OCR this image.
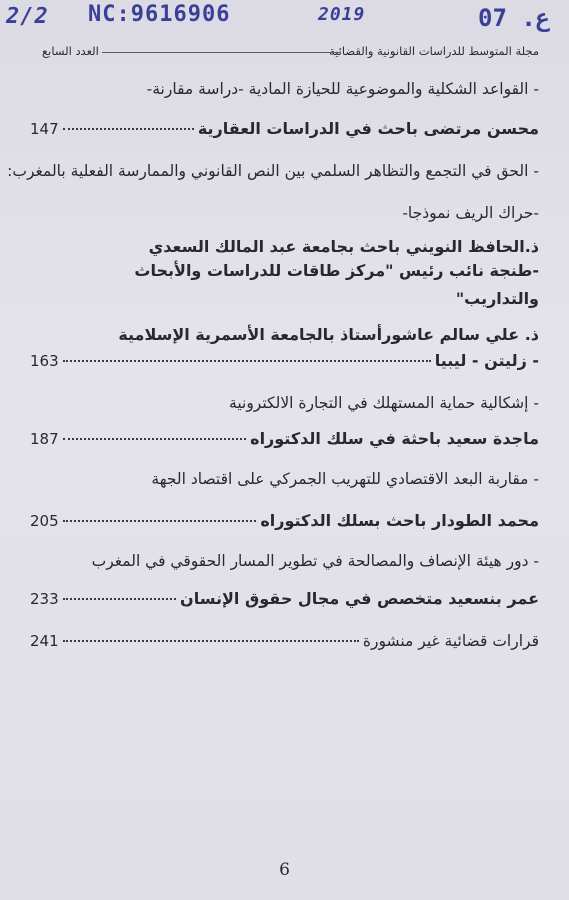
2/2 NC:9616906	2019	ع. 07
مجلة المتوسط للدراسات القانونية والقضائية
العدد السابع
- القواعد الشكلية والموضوعية للحيازة المادية -دراسة مقارنة-
محسن مرتضى باحث في الدراسات العقارية
147
- الحق في التجمع والتظاهر السلمي بين النص القانوني والممارسة الفعلية بالمغرب:
-حراك الريف نموذجا-
ذ.الحافظ النويني باحث بجامعة عبد المالك السعدي
-طنجة نائب رئيس "مركز طاقات للدراسات والأبحاث
والتداريب"
ذ. علي سالم عاشورأستاذ بالجامعة الأسمرية الإسلامية
- زليتن - ليبيا
163
- إشكالية حماية المستهلك في التجارة الالكترونية
ماجدة سعيد باحثة في سلك الدكتوراه
187
- مقاربة البعد الاقتصادي للتهريب الجمركي على اقتصاد الجهة
محمد الطودار باحث بسلك الدكتوراه
205
- دور هيئة الإنصاف والمصالحة في تطوير المسار الحقوقي في المغرب
عمر بنسعيد متخصص في مجال حقوق الإنسان
233
قرارات قضائية غير منشورة
241
6
